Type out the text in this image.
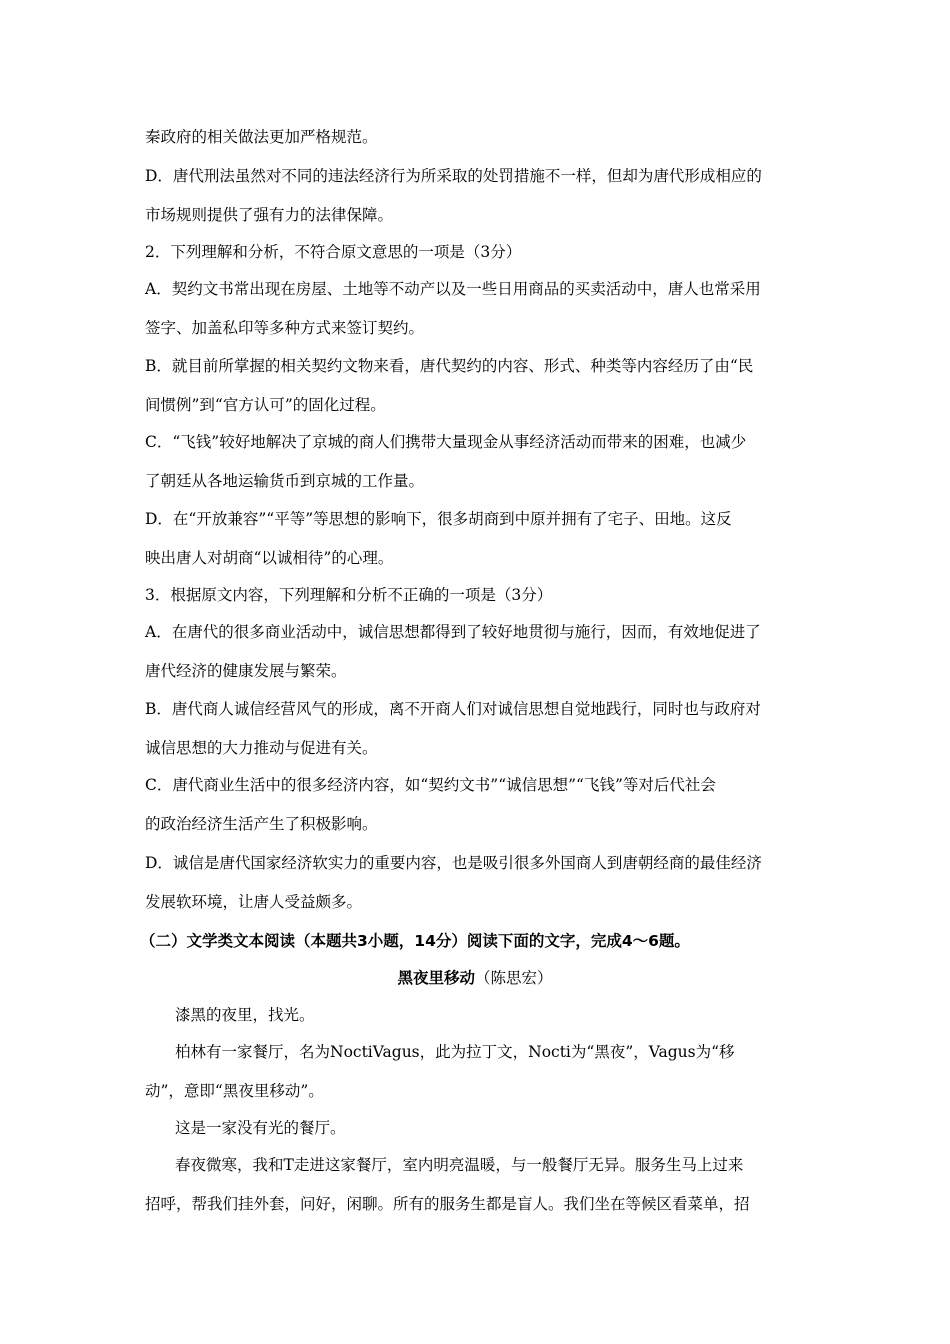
秦政府的相关做法更加严格规范。
D．唐代刑法虽然对不同的违法经济行为所采取的处罚措施不一样，但却为唐代形成相应的
市场规则提供了强有力的法律保障。
2．下列理解和分析，不符合原文意思的一项是（3分）
A．契约文书常出现在房屋、土地等不动产以及一些日用商品的买卖活动中，唐人也常采用
签字、加盖私印等多种方式来签订契约。
B．就目前所掌握的相关契约文物来看，唐代契约的内容、形式、种类等内容经历了由“民
间惯例”到“官方认可”的固化过程。
C．“飞钱”较好地解决了京城的商人们携带大量现金从事经济活动而带来的困难，也减少
了朝廷从各地运输货币到京城的工作量。
D．在“开放兼容”“平等”等思想的影响下，很多胡商到中原并拥有了宅子、田地。这反
映出唐人对胡商“以诚相待”的心理。
3．根据原文内容，下列理解和分析不正确的一项是（3分）
A．在唐代的很多商业活动中，诚信思想都得到了较好地贯彻与施行，因而，有效地促进了
唐代经济的健康发展与繁荣。
B．唐代商人诚信经营风气的形成，离不开商人们对诚信思想自觉地践行，同时也与政府对
诚信思想的大力推动与促进有关。
C．唐代商业生活中的很多经济内容，如“契约文书”“诚信思想”“飞钱”等对后代社会
的政治经济生活产生了积极影响。
D．诚信是唐代国家经济软实力的重要内容，也是吸引很多外国商人到唐朝经商的最佳经济
发展软环境，让唐人受益颇多。
（二）文学类文本阅读（本题共3小题，14分）阅读下面的文字，完成4～6题。
黑夜里移动（陈思宏）
漆黑的夜里，找光。
柏林有一家餐厅，名为NoctiVagus，此为拉丁文，Nocti为“黑夜”，Vagus为“移
动”，意即“黑夜里移动”。
这是一家没有光的餐厅。
春夜微寒，我和T走进这家餐厅，室内明亮温暖，与一般餐厅无异。服务生马上过来
招呼，帮我们挂外套，问好，闲聊。所有的服务生都是盲人。我们坐在等候区看菜单，招
